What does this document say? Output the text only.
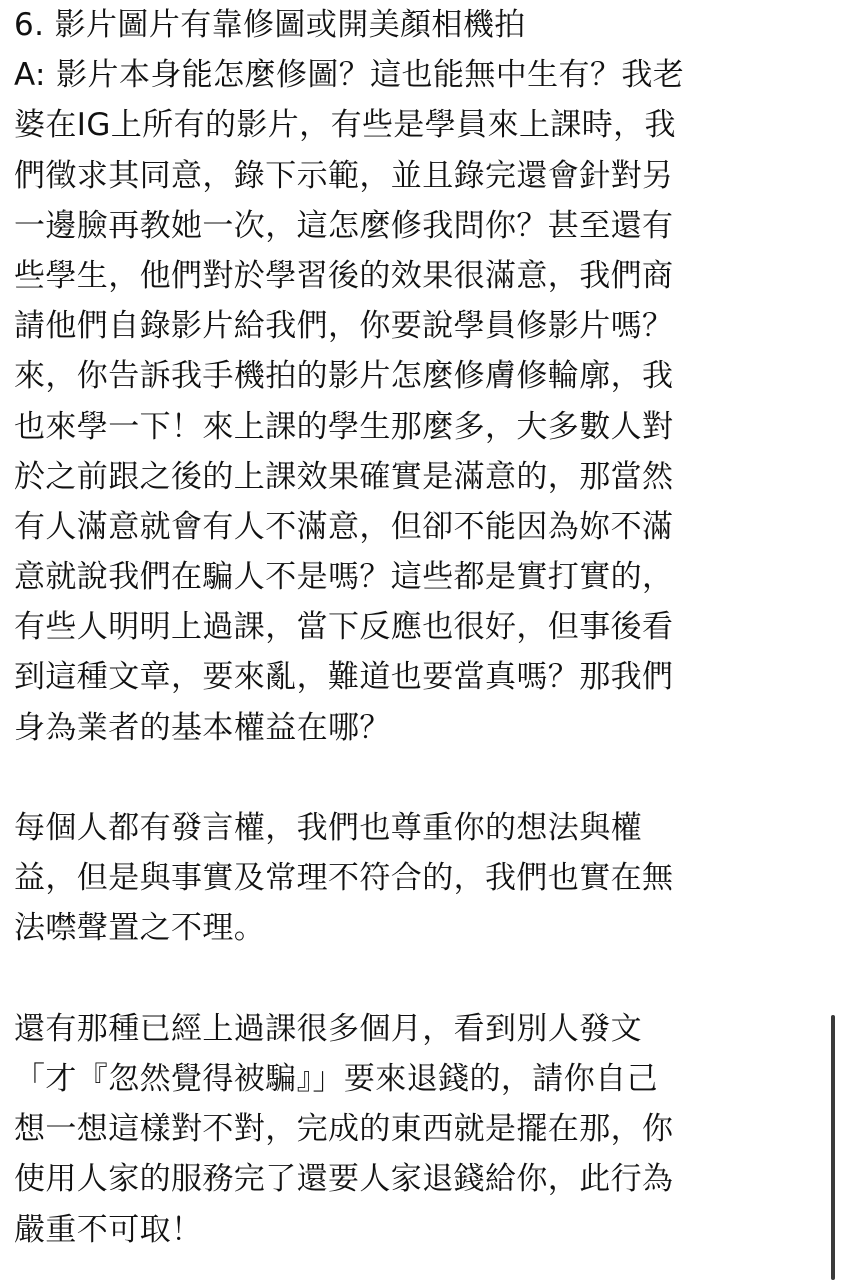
6. 影片圖片有靠修圖或開美顏相機拍
A: 影片本身能怎麼修圖？這也能無中生有？我老
婆在IG上所有的影片，有些是學員來上課時，我
們徵求其同意，錄下示範，並且錄完還會針對另
一邊臉再教她一次，這怎麼修我問你？甚至還有
些學生，他們對於學習後的效果很滿意，我們商
請他們自錄影片給我們，你要說學員修影片嗎？
來，你告訴我手機拍的影片怎麼修膚修輪廓，我
也來學一下！來上課的學生那麼多，大多數人對
於之前跟之後的上課效果確實是滿意的，那當然
有人滿意就會有人不滿意，但卻不能因為妳不滿
意就說我們在騙人不是嗎？這些都是實打實的，
有些人明明上過課，當下反應也很好，但事後看
到這種文章，要來亂，難道也要當真嗎？那我們
身為業者的基本權益在哪？
每個人都有發言權，我們也尊重你的想法與權
益，但是與事實及常理不符合的，我們也實在無
法噤聲置之不理。
還有那種已經上過課很多個月，看到別人發文
「才『忽然覺得被騙』」要來退錢的，請你自己
想一想這樣對不對，完成的東西就是擺在那，你
使用人家的服務完了還要人家退錢給你，此行為
嚴重不可取！
